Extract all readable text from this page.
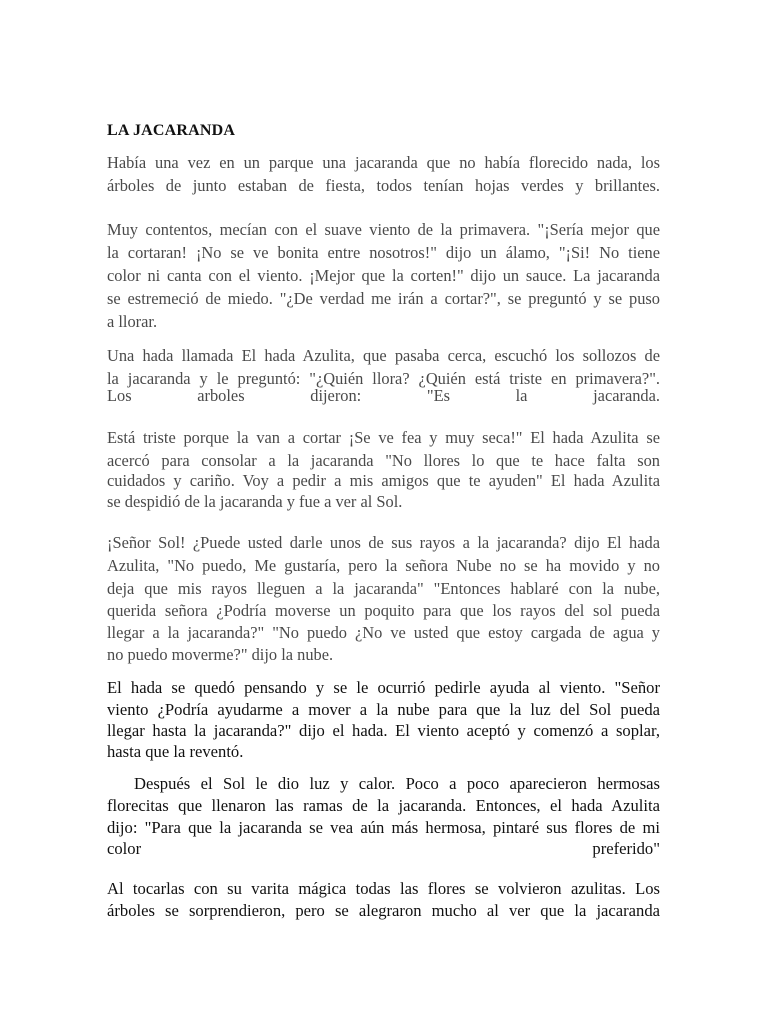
LA JACARANDA
Había una vez en un parque una jacaranda que no había florecido nada, los
árboles de junto estaban de fiesta, todos tenían hojas verdes y brillantes.
Muy contentos, mecían con el suave viento de la primavera. "¡Sería mejor que
la cortaran! ¡No se ve bonita entre nosotros!" dijo un álamo, "¡Si! No tiene
color ni canta con el viento. ¡Mejor que la corten!" dijo un sauce. La jacaranda
se estremeció de miedo. "¿De verdad me irán a cortar?", se preguntó y se puso
a llorar.
Una hada llamada El hada Azulita, que pasaba cerca, escuchó los sollozos de
la jacaranda y le preguntó: "¿Quién llora? ¿Quién está triste en primavera?".
Los arboles dijeron: "Es la jacaranda.
Está triste porque la van a cortar ¡Se ve fea y muy seca!" El hada Azulita se
acercó para consolar a la jacaranda "No llores lo que te hace falta son
cuidados y cariño. Voy a pedir a mis amigos que te ayuden" El hada Azulita
se despidió de la jacaranda y fue a ver al Sol.
¡Señor Sol! ¿Puede usted darle unos de sus rayos a la jacaranda? dijo El hada
Azulita, "No puedo, Me gustaría, pero la señora Nube no se ha movido y no
deja que mis rayos lleguen a la jacaranda" "Entonces hablaré con la nube,
querida señora ¿Podría moverse un poquito para que los rayos del sol pueda
llegar a la jacaranda?" "No puedo ¿No ve usted que estoy cargada de agua y
no puedo moverme?" dijo la nube.
El hada se quedó pensando y se le ocurrió pedirle ayuda al viento. "Señor
viento ¿Podría ayudarme a mover a la nube para que la luz del Sol pueda
llegar hasta la jacaranda?" dijo el hada. El viento aceptó y comenzó a soplar,
hasta que la reventó.
Después el Sol le dio luz y calor. Poco a poco aparecieron hermosas
florecitas que llenaron las ramas de la jacaranda. Entonces, el hada Azulita
dijo: "Para que la jacaranda se vea aún más hermosa, pintaré sus flores de mi
color preferido"
Al tocarlas con su varita mágica todas las flores se volvieron azulitas. Los
árboles se sorprendieron, pero se alegraron mucho al ver que la jacaranda
